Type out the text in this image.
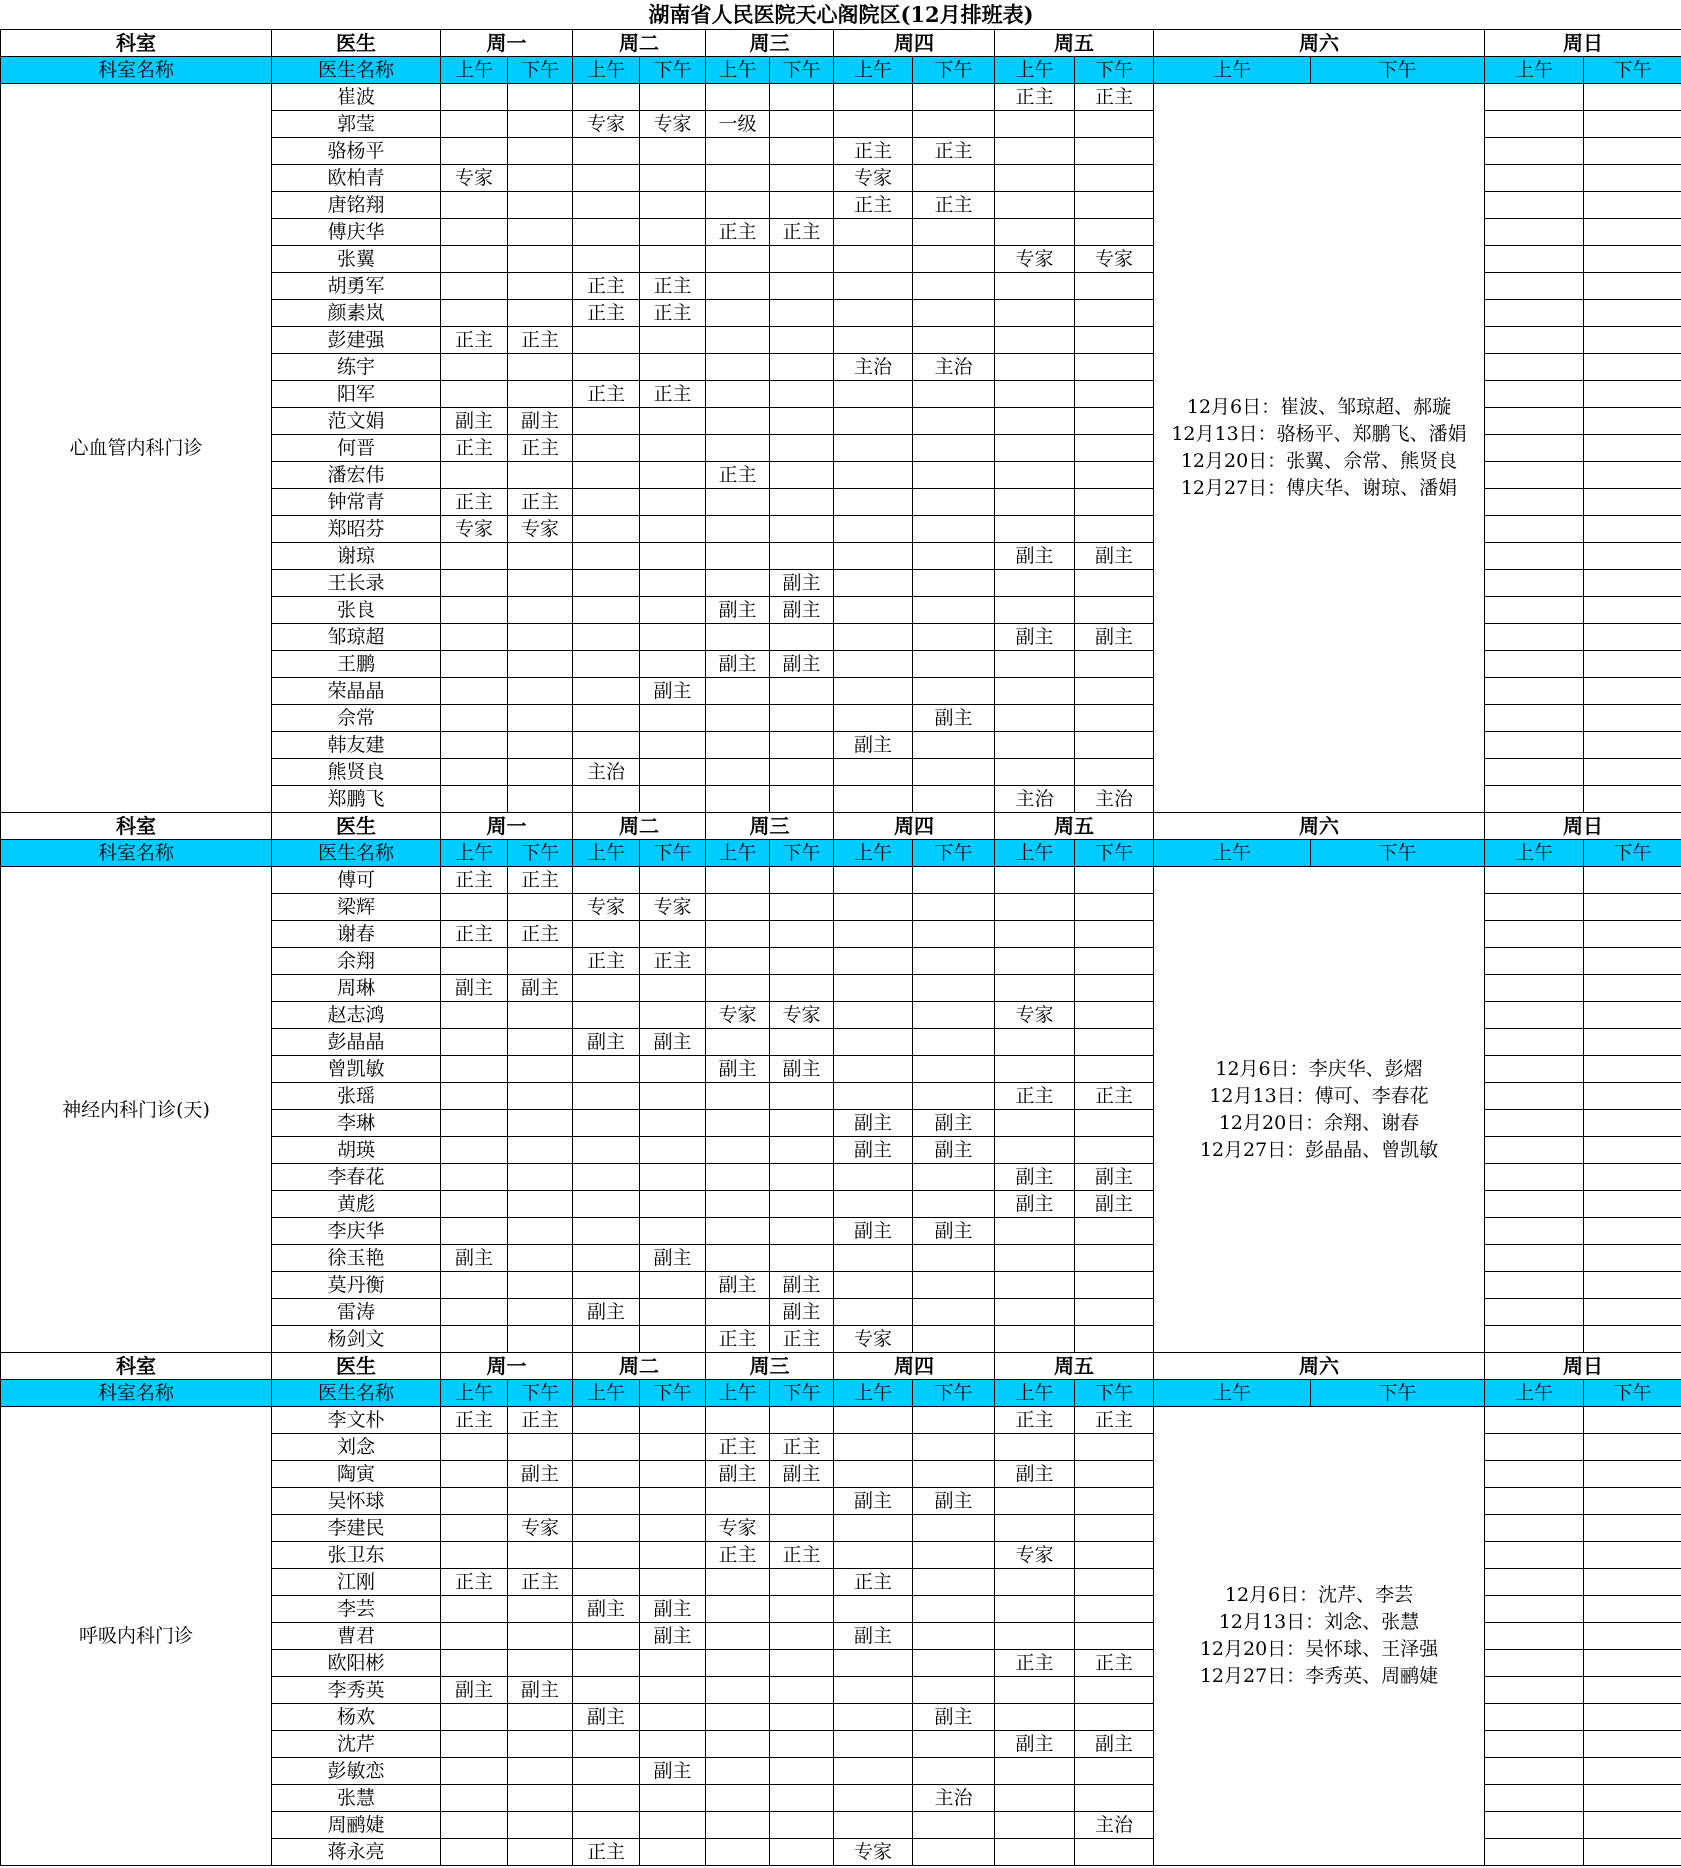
湖南省人民医院天心阁院区(12月排班表)															
科室	医生	周一		周二		周三		周四		周五		周六		周日	
科室名称	医生名称	上午	下午	上午	下午	上午	下午	上午	下午	上午	下午	上午	下午	上午	下午
心血管内科门诊	崔波									正主	正主	12月6日：崔波、邹琼超、郝璇
12月13日：骆杨平、郑鹏飞、潘娟
12月20日：张翼、佘常、熊贤良
12月27日：傅庆华、谢琼、潘娟			

	郭莹			专家	专家	一级									
	骆杨平							正主	正主						
	欧柏青	专家						专家							
	唐铭翔							正主	正主						
	傅庆华					正主	正主								
	张翼									专家	专家				
	胡勇军			正主	正主										
	颜素岚			正主	正主										
	彭建强	正主	正主												
	练宇							主治	主治						
	阳军			正主	正主										
	范文娟	副主	副主												
	何晋	正主	正主												
	潘宏伟					正主									
	钟常青	正主	正主												
	郑昭芬	专家	专家												
	谢琼									副主	副主				
	王长录						副主								
	张良					副主	副主								
	邹琼超									副主	副主				
	王鹏					副主	副主								
	荣晶晶				副主										
	佘常								副主						
	韩友建							副主							
	熊贤良			主治											
	郑鹏飞									主治	主治				
科室	医生	周一		周二		周三		周四		周五		周六		周日	
科室名称	医生名称	上午	下午	上午	下午	上午	下午	上午	下午	上午	下午	上午	下午	上午	下午
神经内科门诊(天)	傅可	正主	正主									12月6日：李庆华、彭熠
12月13日：傅可、李春花
12月20日：余翔、谢春
12月27日：彭晶晶、曾凯敏			

	梁辉			专家	专家										
	谢春	正主	正主												
	余翔			正主	正主										
	周琳	副主	副主												
	赵志鸿					专家	专家			专家					
	彭晶晶			副主	副主										
	曾凯敏					副主	副主								
	张瑶									正主	正主				
	李琳							副主	副主						
	胡瑛							副主	副主						
	李春花									副主	副主				
	黄彪									副主	副主				
	李庆华							副主	副主						
	徐玉艳	副主			副主										
	莫丹衡					副主	副主								
	雷涛			副主			副主								
	杨剑文					正主	正主	专家							
科室	医生	周一		周二		周三		周四		周五		周六		周日	
科室名称	医生名称	上午	下午	上午	下午	上午	下午	上午	下午	上午	下午	上午	下午	上午	下午
呼吸内科门诊	李文朴	正主	正主							正主	正主	12月6日：沈芹、李芸
12月13日：刘念、张慧
12月20日：吴怀球、王泽强
12月27日：李秀英、周鹂婕			

	刘念					正主	正主								
	陶寅		副主			副主	副主			副主					
	吴怀球							副主	副主						
	李建民		专家			专家									
	张卫东					正主	正主			专家					
	江刚	正主	正主					正主							
	李芸			副主	副主										
	曹君				副主			副主							
	欧阳彬									正主	正主				
	李秀英	副主	副主												
	杨欢			副主					副主						
	沈芹									副主	副主				
	彭敏恋				副主										
	张慧								主治						
	周鹂婕										主治				
	蒋永亮			正主				专家							
